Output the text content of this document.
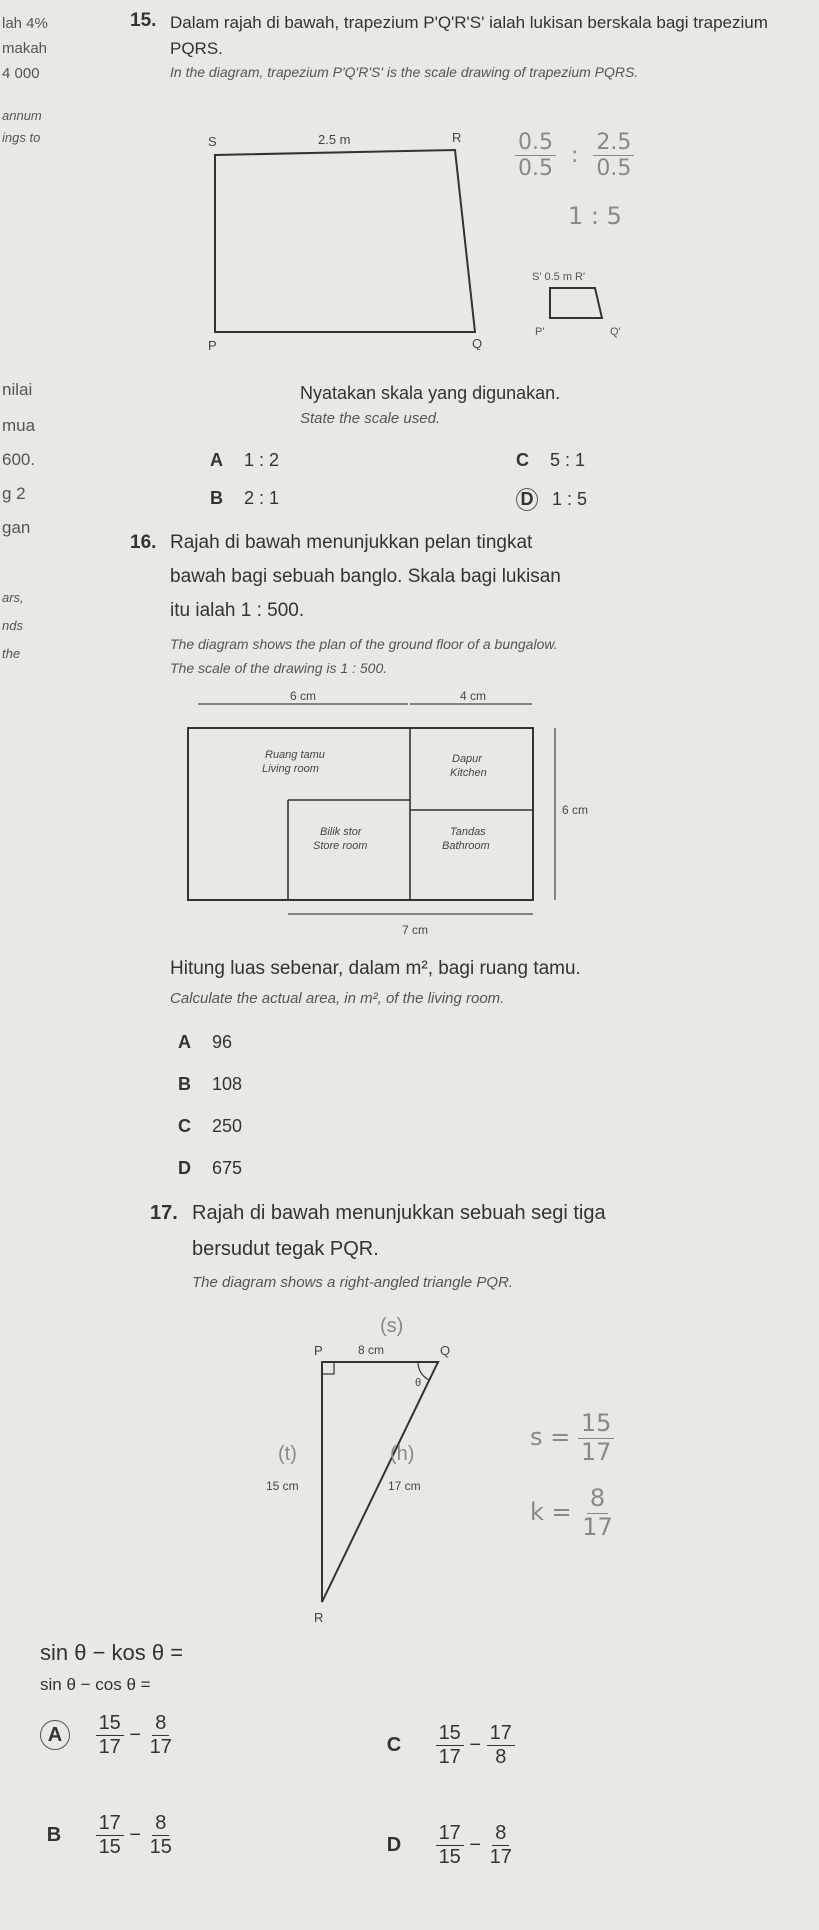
lah 4%
makah
4 000
annum
ings to
nilai
mua
600.
g 2
gan
ars,
nds
the
15. Dalam rajah di bawah, trapezium P'Q'R'S' ialah lukisan berskala bagi trapezium PQRS.
In the diagram, trapezium P'Q'R'S' is the scale drawing of trapezium PQRS.
S	R
P	Q
2.5 m
S' 0.5 m R'
P'	Q'
$\frac{0.5}{0.5}$ : $\frac{2.5}{0.5}$
1 : 5
Nyatakan skala yang digunakan.
State the scale used.
A 1 : 2
B 2 : 1
C 5 : 1
D 1 : 5
16. Rajah di bawah menunjukkan pelan tingkat
bawah bagi sebuah banglo. Skala bagi lukisan
itu ialah 1 : 500.
The diagram shows the plan of the ground floor of a bungalow.
The scale of the drawing is 1 : 500.
6 cm	4 cm
6 cm
7 cm
Ruang tamu
Living room
Dapur
Kitchen
Bilik stor
Store room
Tandas
Bathroom
Hitung luas sebenar, dalam m², bagi ruang tamu.
Calculate the actual area, in m², of the living room.
A 96
B 108
C 250
D 675
17. Rajah di bawah menunjukkan sebuah segi tiga
bersudut tegak PQR.
The diagram shows a right-angled triangle PQR.
θ
P	Q
R
8 cm
15 cm	17 cm
(s)
(t)	(h)
$s = \frac{15}{17}$
$k = \frac{8}{17}$
sin θ − kos θ =
sin θ − cos θ =
A $\frac{15}{17} - \frac{8}{17}$
B $\frac{17}{15} - \frac{8}{15}$
C $\frac{15}{17} - \frac{17}{8}$
D $\frac{17}{15} - \frac{8}{17}$
